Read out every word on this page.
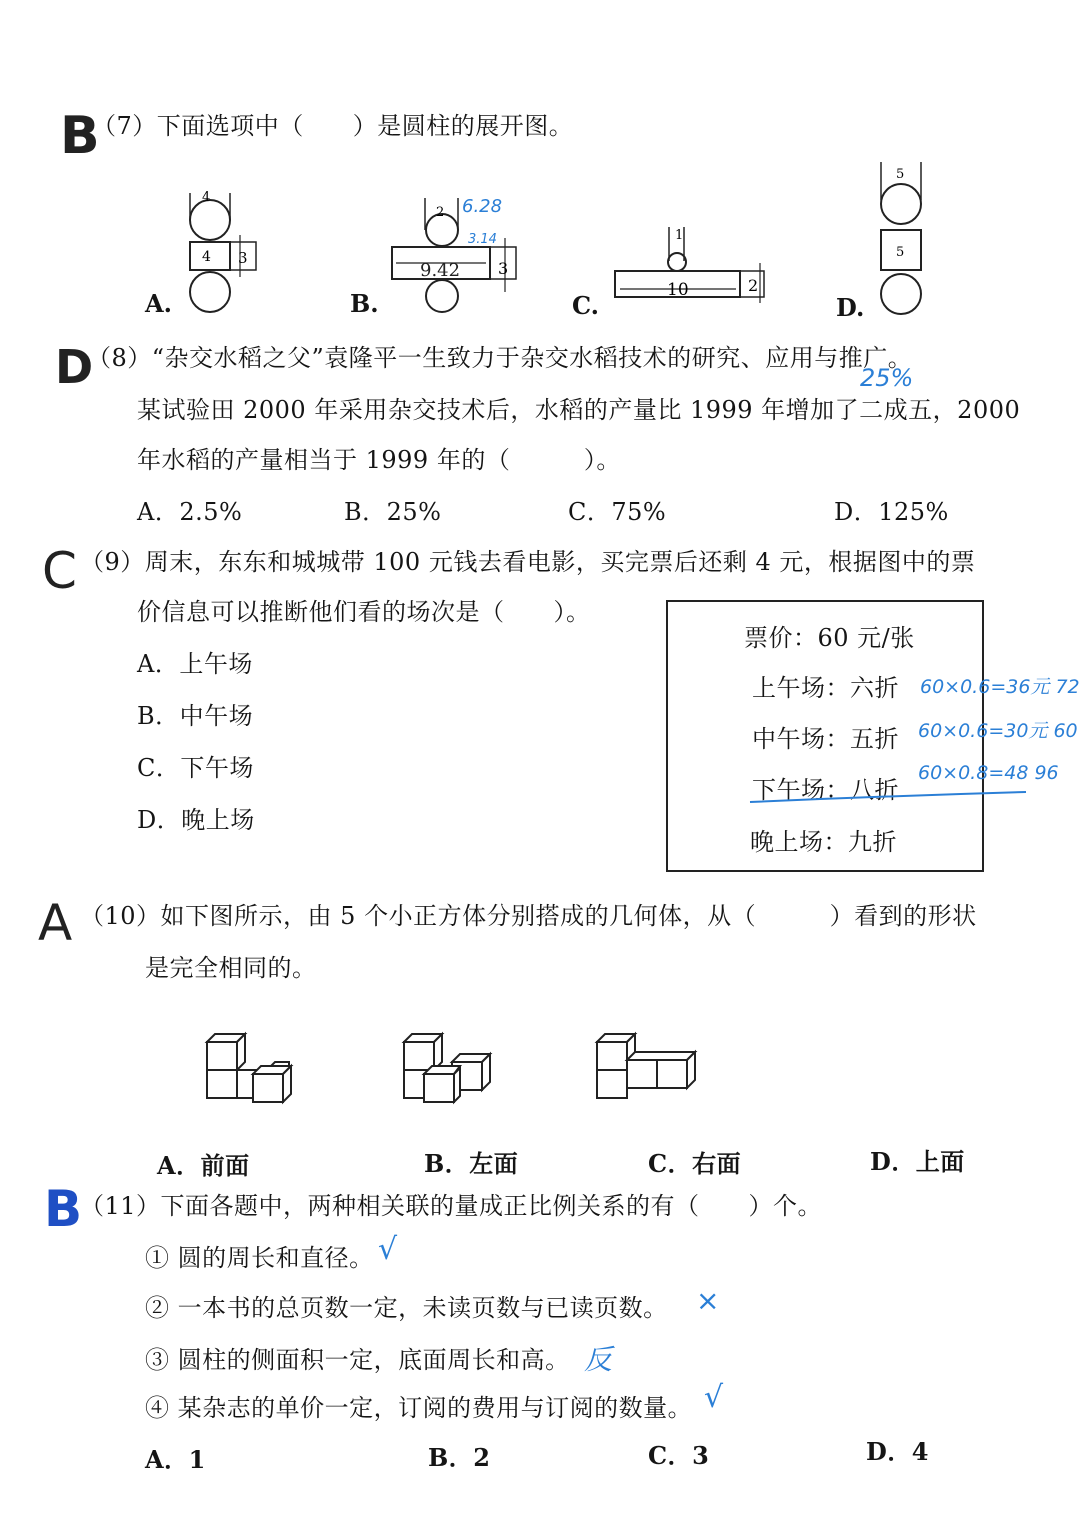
B
（7）下面选项中（　　）是圆柱的展开图。
4
4 3
A.
2
9.42 3
6.28
3.14
B.
1
10	2
C.
5
5
D.
D
（8）“杂交水稻之父”袁隆平一生致力于杂交水稻技术的研究、应用与推广。
25%
某试验田 2000 年采用杂交技术后，水稻的产量比 1999 年增加了二成五，2000
年水稻的产量相当于 1999 年的（　　　）。
A．2.5%	B．25%	C．75%	D．125%
C （9）周末，东东和城城带 100 元钱去看电影，买完票后还剩 4 元，根据图中的票
价信息可以推断他们看的场次是（　　）。
A．上午场
B．中午场
C．下午场
D．晚上场
票价：60 元/张
上午场：六折
中午场：五折
下午场：八折
晚上场：九折
60×0.6=36元 72
60×0.6=30元 60
60×0.8=48 96
A （10）如下图所示，由 5 个小正方体分别搭成的几何体，从（　　　）看到的形状
是完全相同的。
A．前面	B．左面	C．右面	D．上面
B
（11）下面各题中，两种相关联的量成正比例关系的有（　　）个。
① 圆的周长和直径。 √
② 一本书的总页数一定，未读页数与已读页数。 ×
③ 圆柱的侧面积一定，底面周长和高。 反
④ 某杂志的单价一定，订阅的费用与订阅的数量。 √
A．1	B．2	C．3	D．4
